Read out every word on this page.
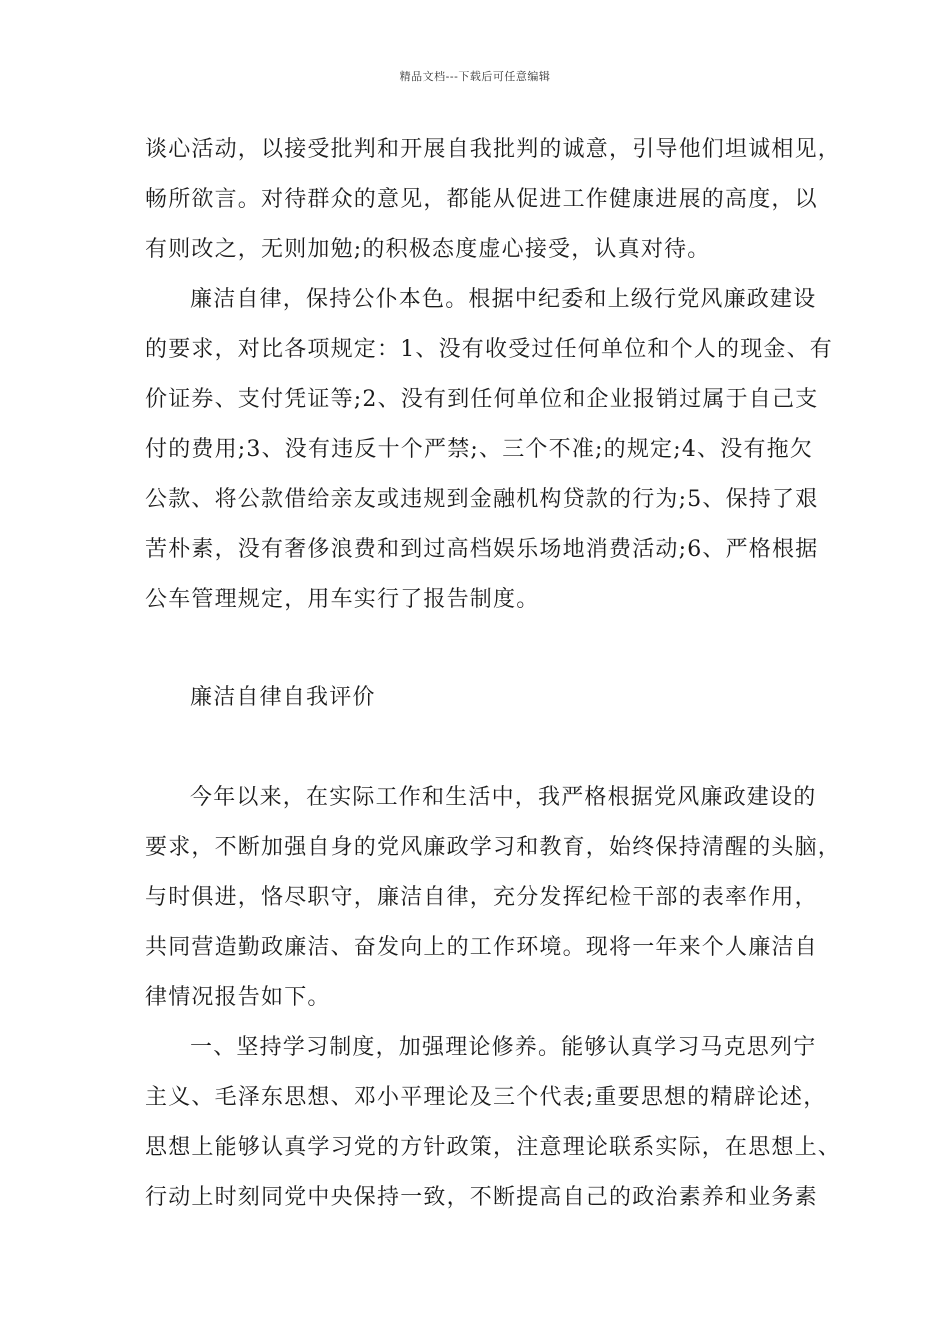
精品文档---下载后可任意编辑
谈心活动，以接受批判和开展自我批判的诚意，引导他们坦诚相见，
畅所欲言。对待群众的意见，都能从促进工作健康进展的高度，以
有则改之，无则加勉;的积极态度虚心接受，认真对待。
廉洁自律，保持公仆本色。根据中纪委和上级行党风廉政建设
的要求，对比各项规定：1、没有收受过任何单位和个人的现金、有
价证券、支付凭证等;2、没有到任何单位和企业报销过属于自己支
付的费用;3、没有违反十个严禁;、三个不准;的规定;4、没有拖欠
公款、将公款借给亲友或违规到金融机构贷款的行为;5、保持了艰
苦朴素，没有奢侈浪费和到过高档娱乐场地消费活动;6、严格根据
公车管理规定，用车实行了报告制度。
廉洁自律自我评价
今年以来，在实际工作和生活中，我严格根据党风廉政建设的
要求，不断加强自身的党风廉政学习和教育，始终保持清醒的头脑，
与时俱进，恪尽职守，廉洁自律，充分发挥纪检干部的表率作用，
共同营造勤政廉洁、奋发向上的工作环境。现将一年来个人廉洁自
律情况报告如下。
一、坚持学习制度，加强理论修养。能够认真学习马克思列宁
主义、毛泽东思想、邓小平理论及三个代表;重要思想的精辟论述，
思想上能够认真学习党的方针政策，注意理论联系实际，在思想上、
行动上时刻同党中央保持一致，不断提高自己的政治素养和业务素
